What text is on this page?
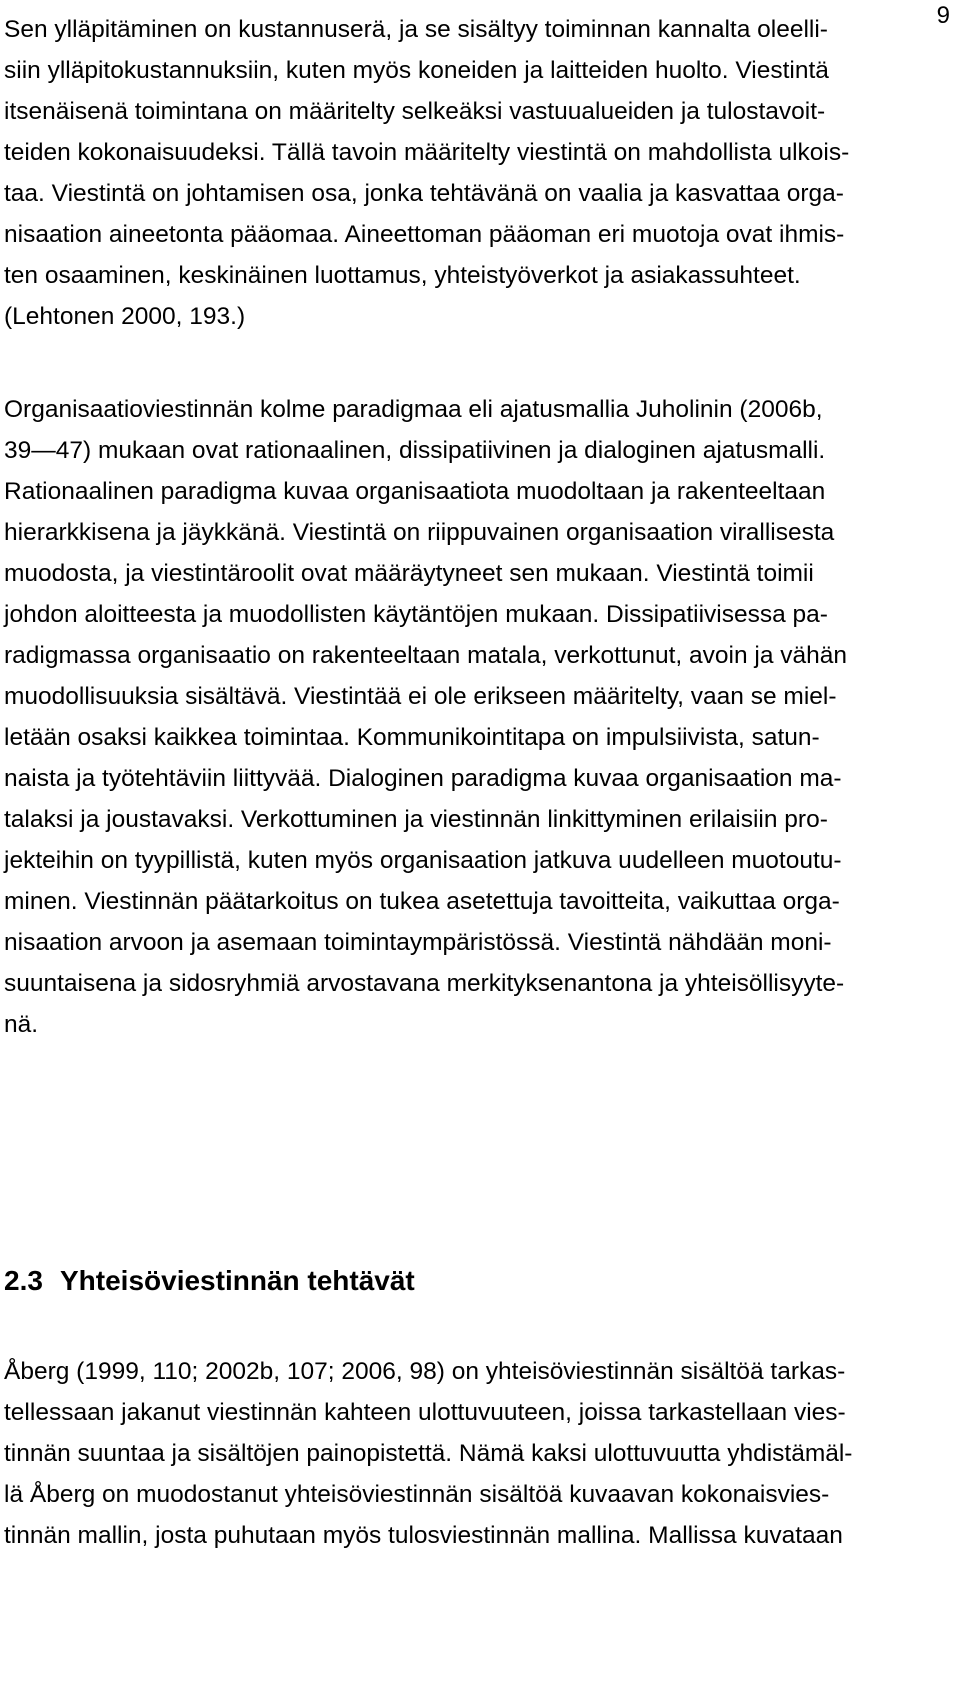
9
Sen ylläpitäminen on kustannuserä, ja se sisältyy toiminnan kannalta oleelli-
siin ylläpitokustannuksiin, kuten myös koneiden ja laitteiden huolto. Viestintä
itsenäisenä toimintana on määritelty selkeäksi vastuualueiden ja tulostavoit-
teiden kokonaisuudeksi. Tällä tavoin määritelty viestintä on mahdollista ulkois-
taa. Viestintä on johtamisen osa, jonka tehtävänä on vaalia ja kasvattaa orga-
nisaation aineetonta pääomaa. Aineettoman pääoman eri muotoja ovat ihmis-
ten osaaminen, keskinäinen luottamus, yhteistyöverkot ja asiakassuhteet.
(Lehtonen 2000, 193.)
Organisaatioviestinnän kolme paradigmaa eli ajatusmallia Juholinin (2006b,
39—47) mukaan ovat rationaalinen, dissipatiivinen ja dialoginen ajatusmalli.
Rationaalinen paradigma kuvaa organisaatiota muodoltaan ja rakenteeltaan
hierarkkisena ja jäykkänä. Viestintä on riippuvainen organisaation virallisesta
muodosta, ja viestintäroolit ovat määräytyneet sen mukaan. Viestintä toimii
johdon aloitteesta ja muodollisten käytäntöjen mukaan. Dissipatiivisessa pa-
radigmassa organisaatio on rakenteeltaan matala, verkottunut, avoin ja vähän
muodollisuuksia sisältävä. Viestintää ei ole erikseen määritelty, vaan se miel-
letään osaksi kaikkea toimintaa. Kommunikointitapa on impulsiivista, satun-
naista ja työtehtäviin liittyvää. Dialoginen paradigma kuvaa organisaation ma-
talaksi ja joustavaksi. Verkottuminen ja viestinnän linkittyminen erilaisiin pro-
jekteihin on tyypillistä, kuten myös organisaation jatkuva uudelleen muotoutu-
minen. Viestinnän päätarkoitus on tukea asetettuja tavoitteita, vaikuttaa orga-
nisaation arvoon ja asemaan toimintaympäristössä. Viestintä nähdään moni-
suuntaisena ja sidosryhmiä arvostavana merkityksenantona ja yhteisöllisyyte-
nä.
2.3 Yhteisöviestinnän tehtävät
Åberg (1999, 110; 2002b, 107; 2006, 98) on yhteisöviestinnän sisältöä tarkas-
tellessaan jakanut viestinnän kahteen ulottuvuuteen, joissa tarkastellaan vies-
tinnän suuntaa ja sisältöjen painopistettä. Nämä kaksi ulottuvuutta yhdistämäl-
lä Åberg on muodostanut yhteisöviestinnän sisältöä kuvaavan kokonaisvies-
tinnän mallin, josta puhutaan myös tulosviestinnän mallina. Mallissa kuvataan
